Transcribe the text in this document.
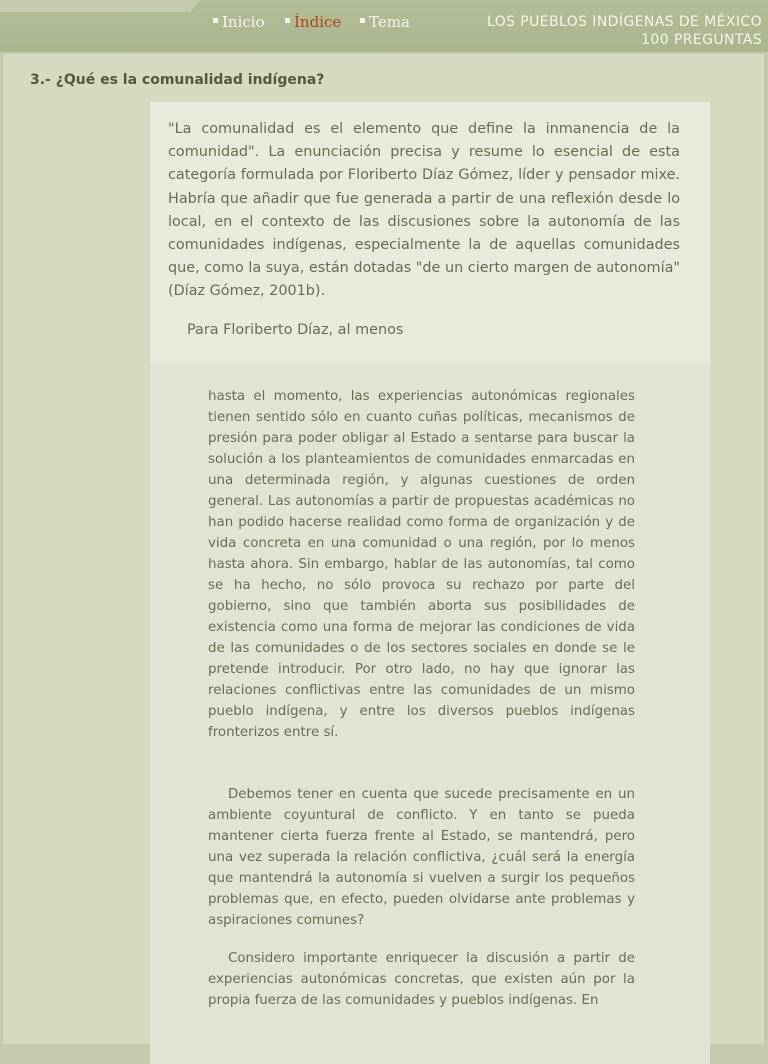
Inicio	Índice	Tema	LOS PUEBLOS INDÍGENAS DE MÉXICO
100 PREGUNTAS
3.- ¿Qué es la comunalidad indígena?

"La comunalidad es el elemento que define la inmanencia de la comunidad". La enunciación precisa y resume lo esencial de esta categoría formulada por Floriberto Díaz Gómez, líder y pensador mixe. Habría que añadir que fue generada a partir de una reflexión desde lo local, en el contexto de las discusiones sobre la autonomía de las comunidades indígenas, especialmente la de aquellas comunidades que, como la suya, están dotadas "de un cierto margen de autonomía" (Díaz Gómez, 2001b).

Para Floriberto Díaz, al menos

hasta el momento, las experiencias autonómicas regionales tienen sentido sólo en cuanto cuñas políticas, mecanismos de presión para poder obligar al Estado a sentarse para buscar la solución a los planteamientos de comunidades enmarcadas en una determinada región, y algunas cuestiones de orden general. Las autonomías a partir de propuestas académicas no han podido hacerse realidad como forma de organización y de vida concreta en una comunidad o una región, por lo menos hasta ahora. Sin embargo, hablar de las autonomías, tal como se ha hecho, no sólo provoca su rechazo por parte del gobierno, sino que también aborta sus posibilidades de existencia como una forma de mejorar las condiciones de vida de las comunidades o de los sectores sociales en donde se le pretende introducir. Por otro lado, no hay que ignorar las relaciones conflictivas entre las comunidades de un mismo pueblo indígena, y entre los diversos pueblos indígenas fronterizos entre sí.

Debemos tener en cuenta que sucede precisamente en un ambiente coyuntural de conflicto. Y en tanto se pueda mantener cierta fuerza frente al Estado, se mantendrá, pero una vez superada la relación conflictiva, ¿cuál será la energía que mantendrá la autonomía si vuelven a surgir los pequeños problemas que, en efecto, pueden olvidarse ante problemas y aspiraciones comunes?

Considero importante enriquecer la discusión a partir de experiencias autonómicas concretas, que existen aún por la propia fuerza de las comunidades y pueblos indígenas. En
